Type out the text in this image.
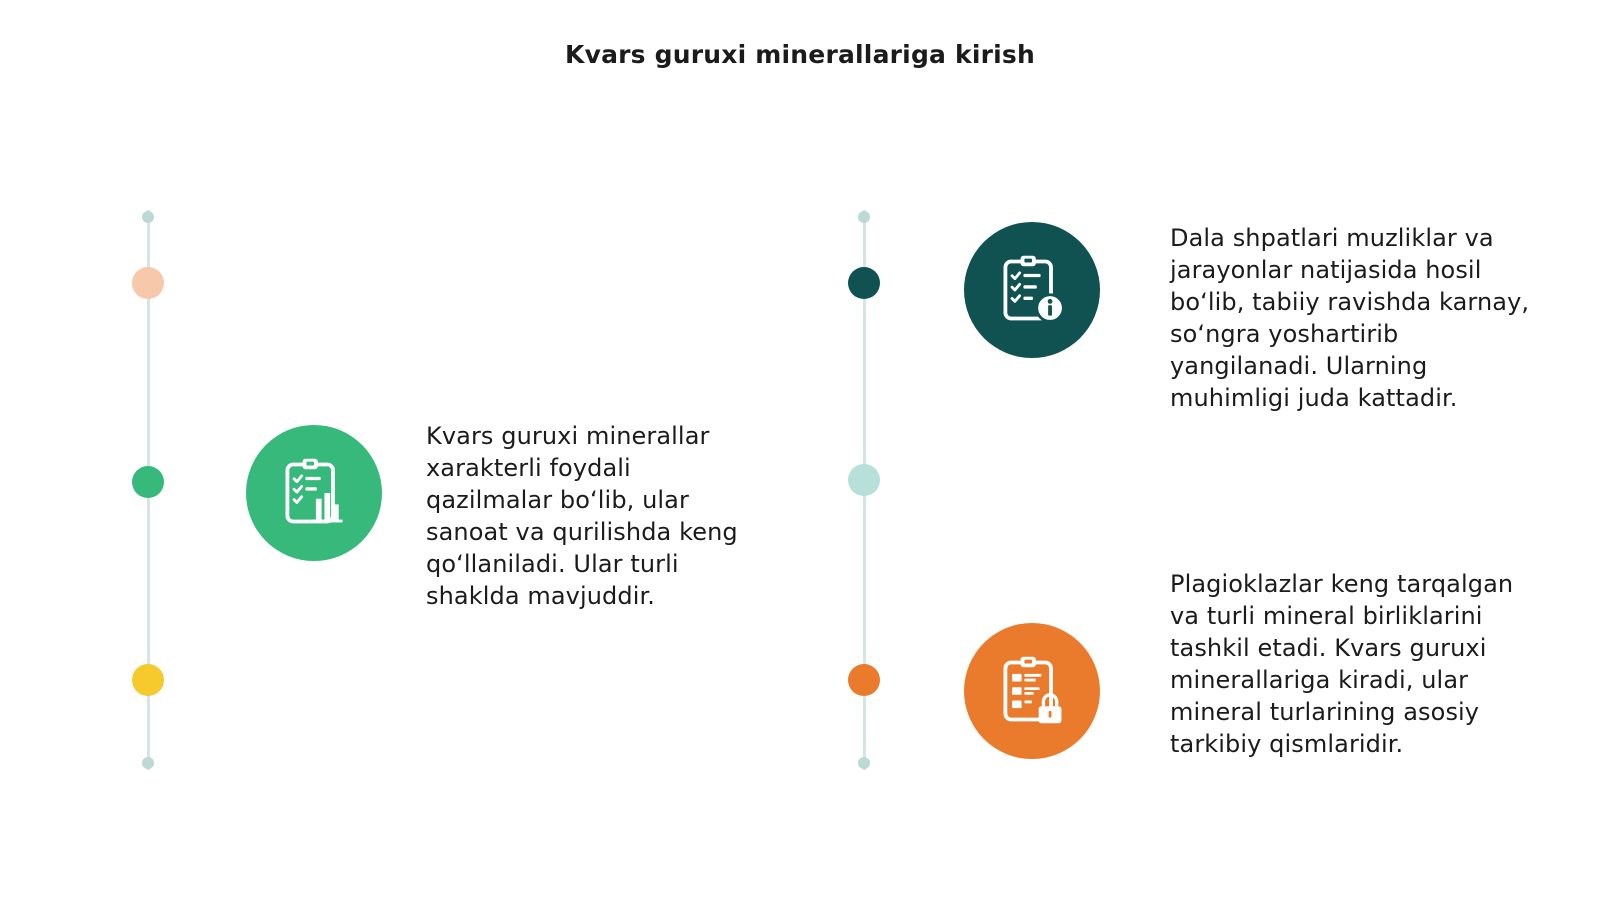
Kvars guruxi minerallariga kirish
Kvars guruxi minerallar xarakterli foydali qazilmalar bo‘lib, ular sanoat va qurilishda keng qo‘llaniladi. Ular turli shaklda mavjuddir.
Dala shpatlari muzliklar va jarayonlar natijasida hosil bo‘lib, tabiiy ravishda karnay, so‘ngra yoshartirib yangilanadi. Ularning muhimligi juda kattadir.
Plagioklazlar keng tarqalgan va turli mineral birliklarini tashkil etadi. Kvars guruxi minerallariga kiradi, ular mineral turlarining asosiy tarkibiy qismlaridir.
